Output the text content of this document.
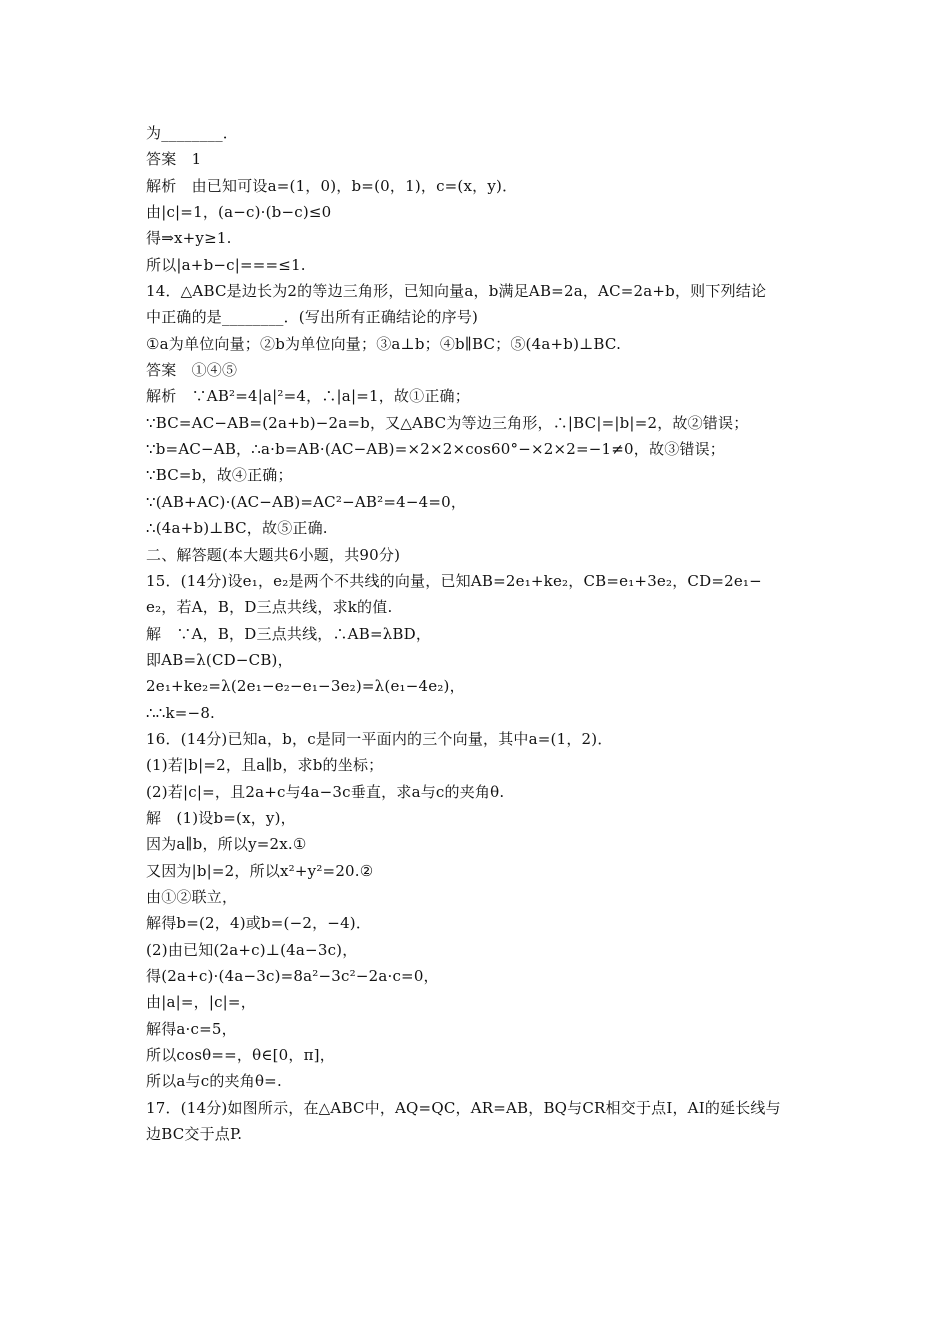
为________．
答案　1
解析　由已知可设a=(1，0)，b=(0，1)，c=(x，y)．
由|c|=1，(a−c)·(b−c)≤0
得⇒x+y≥1.
所以|a+b−c|===≤1.
14．△ABC是边长为2的等边三角形，已知向量a，b满足AB=2a，AC=2a+b，则下列结论
中正确的是________．(写出所有正确结论的序号)
①a为单位向量；②b为单位向量；③a⊥b；④b∥BC；⑤(4a+b)⊥BC.
答案　①④⑤
解析　∵AB²=4|a|²=4，∴|a|=1，故①正确；
∵BC=AC−AB=(2a+b)−2a=b，又△ABC为等边三角形，∴|BC|=|b|=2，故②错误；
∵b=AC−AB，∴a·b=AB·(AC−AB)=×2×2×cos60°−×2×2=−1≠0，故③错误；
∵BC=b，故④正确；
∵(AB+AC)·(AC−AB)=AC²−AB²=4−4=0，
∴(4a+b)⊥BC，故⑤正确.
二、解答题(本大题共6小题，共90分)
15．(14分)设e₁，e₂是两个不共线的向量，已知AB=2e₁+ke₂，CB=e₁+3e₂，CD=2e₁−
e₂，若A，B，D三点共线，求k的值.
解　∵A，B，D三点共线，∴AB=λBD，
即AB=λ(CD−CB)，
2e₁+ke₂=λ(2e₁−e₂−e₁−3e₂)=λ(e₁−4e₂)，
∴∴k=−8.
16．(14分)已知a，b，c是同一平面内的三个向量，其中a=(1，2)．
(1)若|b|=2，且a∥b，求b的坐标；
(2)若|c|=，且2a+c与4a−3c垂直，求a与c的夹角θ.
解　(1)设b=(x，y)，
因为a∥b，所以y=2x.①
又因为|b|=2，所以x²+y²=20.②
由①②联立，
解得b=(2，4)或b=(−2，−4)．
(2)由已知(2a+c)⊥(4a−3c)，
得(2a+c)·(4a−3c)=8a²−3c²−2a·c=0，
由|a|=，|c|=，
解得a·c=5，
所以cosθ==，θ∈[0，π]，
所以a与c的夹角θ=.
17．(14分)如图所示，在△ABC中，AQ=QC，AR=AB，BQ与CR相交于点I，AI的延长线与
边BC交于点P.
